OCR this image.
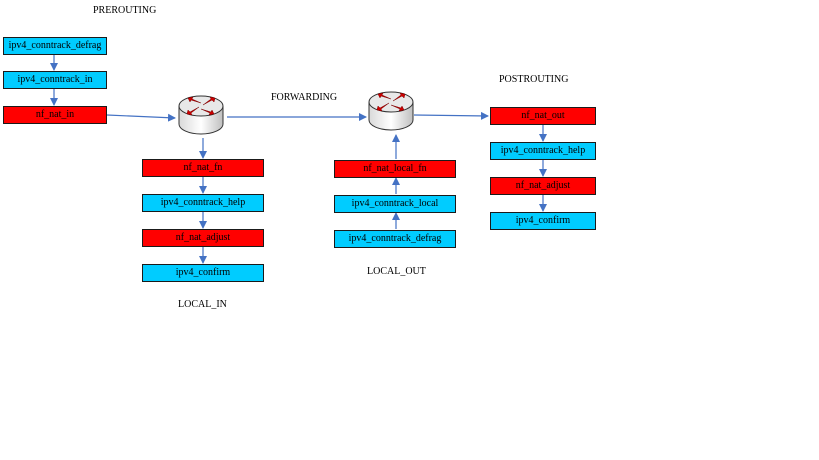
PREROUTING
FORWARDING
POSTROUTING
LOCAL_IN
LOCAL_OUT
ipv4_conntrack_defrag
ipv4_conntrack_in
nf_nat_in
nf_nat_fn
ipv4_conntrack_help
nf_nat_adjust
ipv4_confirm
nf_nat_local_fn
ipv4_conntrack_local
ipv4_conntrack_defrag
nf_nat_out
ipv4_conntrack_help
nf_nat_adjust
ipv4_confirm
